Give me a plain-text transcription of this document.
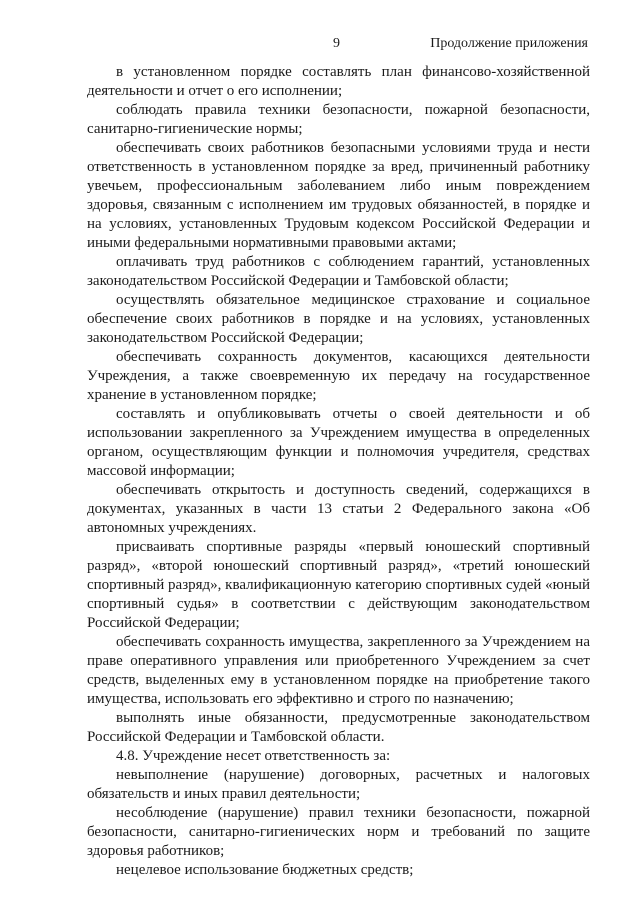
9	Продолжение приложения

в установленном порядке составлять план финансово-хозяйственной деятельности и отчет о его исполнении;

соблюдать правила техники безопасности, пожарной безопасности, санитарно-гигиенические нормы;

обеспечивать своих работников безопасными условиями труда и нести ответственность в установленном порядке за вред, причиненный работнику увечьем, профессиональным заболеванием либо иным повреждением здоровья, связанным с исполнением им трудовых обязанностей, в порядке и на условиях, установленных Трудовым кодексом Российской Федерации и иными федеральными нормативными правовыми актами;

оплачивать труд работников с соблюдением гарантий, установленных законодательством Российской Федерации и Тамбовской области;

осуществлять обязательное медицинское страхование и социальное обеспечение своих работников в порядке и на условиях, установленных законодательством Российской Федерации;

обеспечивать сохранность документов, касающихся деятельности Учреждения, а также своевременную их передачу на государственное хранение в установленном порядке;

составлять и опубликовывать отчеты о своей деятельности и об использовании закрепленного за Учреждением имущества в определенных органом, осуществляющим функции и полномочия учредителя, средствах массовой информации;

обеспечивать открытость и доступность сведений, содержащихся в документах, указанных в части 13 статьи 2 Федерального закона «Об автономных учреждениях.

присваивать спортивные разряды «первый юношеский спортивный разряд», «второй юношеский спортивный разряд», «третий юношеский спортивный разряд», квалификационную категорию спортивных судей «юный спортивный судья» в соответствии с действующим законодательством Российской Федерации;

обеспечивать сохранность имущества, закрепленного за Учреждением на праве оперативного управления или приобретенного Учреждением за счет средств, выделенных ему в установленном порядке на приобретение такого имущества, использовать его эффективно и строго по назначению;

выполнять иные обязанности, предусмотренные законодательством Российской Федерации и Тамбовской области.

4.8. Учреждение несет ответственность за:

невыполнение (нарушение) договорных, расчетных и налоговых обязательств и иных правил деятельности;

несоблюдение (нарушение) правил техники безопасности, пожарной безопасности, санитарно-гигиенических норм и требований по защите здоровья работников;

нецелевое использование бюджетных средств;
